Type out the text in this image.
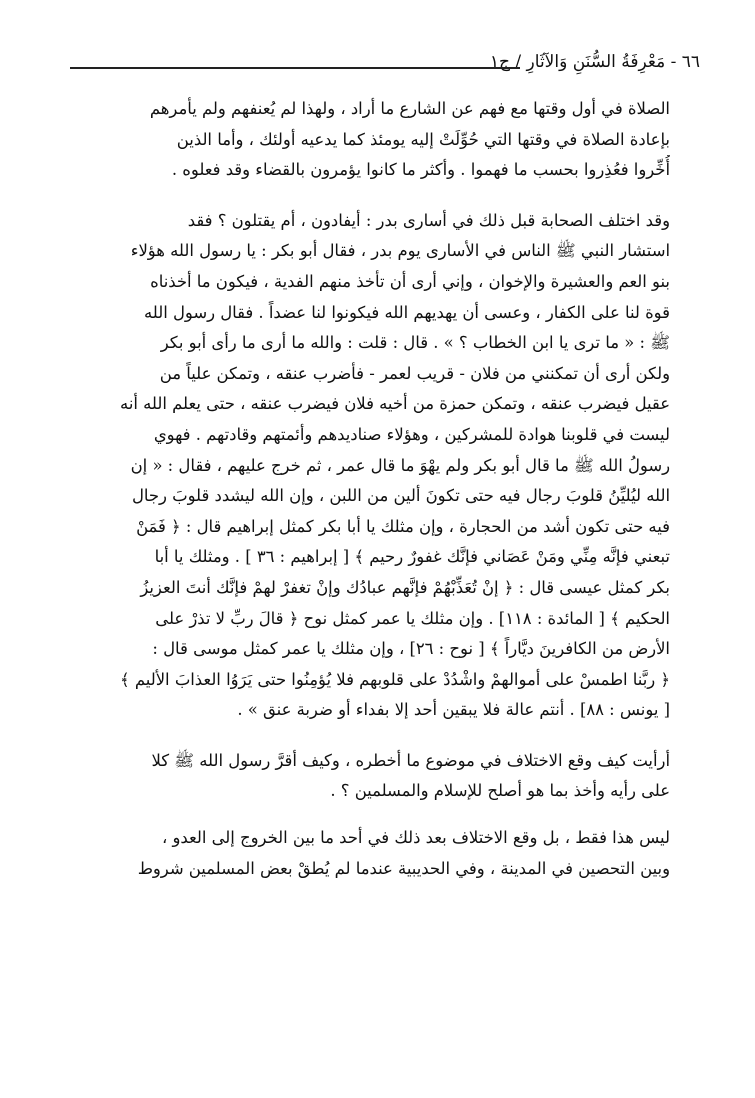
٦٦ - مَعْرِفَةُ السُّنَنِ وَالآثَارِ / ج١
الصلاة في أول وقتها مع فهم عن الشارع ما أراد ، ولهذا لم يُعنفهم ولم يأمرهم
بإعادة الصلاة في وقتها التي حُوِّلَتْ إليه يومئذ كما يدعيه أولئك ، وأما الذين
أُخِّروا فعُذِروا بحسب ما فهموا . وأكثر ما كانوا يؤمرون بالقضاء وقد فعلوه .
وقد اختلف الصحابة قبل ذلك في أسارى بدر : أيفادون ، أم يقتلون ؟ فقد
استشار النبي ﷺ الناس في الأسارى يوم بدر ، فقال أبو بكر : يا رسول الله هؤلاء
بنو العم والعشيرة والإخوان ، وإني أرى أن تأخذ منهم الفدية ، فيكون ما أخذناه
قوة لنا على الكفار ، وعسى أن يهديهم الله فيكونوا لنا عضداً . فقال رسول الله
ﷺ : « ما ترى يا ابن الخطاب ؟ » . قال : قلت : والله ما أرى ما رأى أبو بكر
ولكن أرى أن تمكنني من فلان - قريب لعمر - فأضرب عنقه ، وتمكن علياً من
عقيل فيضرب عنقه ، وتمكن حمزة من أخيه فلان فيضرب عنقه ، حتى يعلم الله أنه
ليست في قلوبنا هوادة للمشركين ، وهؤلاء صناديدهم وأئمتهم وقادتهم . فهوي
رسولُ الله ﷺ ما قال أبو بكر ولم يهْوَ ما قال عمر ، ثم خرج عليهم ، فقال : « إن
الله ليُليِّنُ قلوبَ رجال فيه حتى تكونَ ألين من اللبن ، وإن الله ليشدد قلوبَ رجال
فيه حتى تكون أشد من الحجارة ، وإن مثلك يا أبا بكر كمثل إبراهيم قال : ﴿ فَمَنْ
تبعني فإنَّه مِنِّي ومَنْ عَصَاني فإنَّك غفورٌ رحيم ﴾ [ إبراهيم : ٣٦ ] . ومثلك يا أبا
بكر كمثل عيسى قال : ﴿ إنْ تُعَذِّبْهُمْ فإنَّهم عبادُك وإنْ تغفرْ لهمْ فإنَّك أنتَ العزيزُ
الحكيم ﴾ [ المائدة : ١١٨] . وإن مثلك يا عمر كمثل نوح ﴿ قالَ ربِّ لا تذرْ على
الأرض من الكافرينَ ديَّاراً ﴾ [ نوح : ٢٦] ، وإن مثلك يا عمر كمثل موسى قال :
﴿ ربَّنا اطمسْ على أموالهمْ واشْدُدْ على قلوبهم فلا يُؤمِنُوا حتى يَرَوُا العذابَ الأليم ﴾
[ يونس : ٨٨] . أنتم عالة فلا يبقين أحد إلا بفداء أو ضربة عنق » .
أرأيت كيف وقع الاختلاف في موضوع ما أخطره ، وكيف أقرَّ رسول الله ﷺ كلا
على رأيه وأخذ بما هو أصلح للإسلام والمسلمين ؟ .
ليس هذا فقط ، بل وقع الاختلاف بعد ذلك في أحد ما بين الخروج إلى العدو ،
وبين التحصين في المدينة ، وفي الحديبية عندما لم يُطقْ بعض المسلمين شروط
